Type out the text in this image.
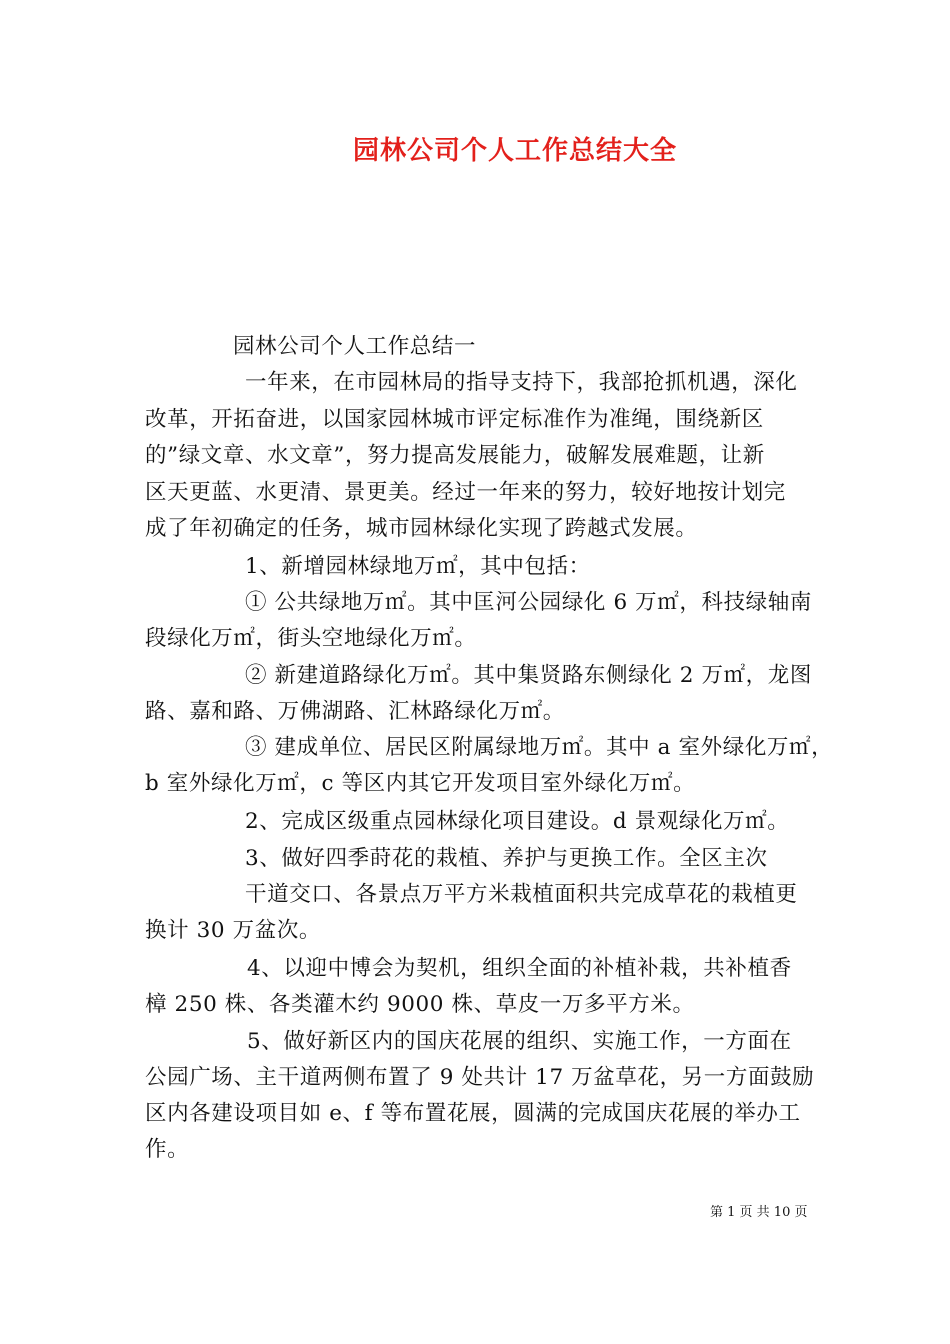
园林公司个人工作总结大全
园林公司个人工作总结一
一年来，在市园林局的指导支持下，我部抢抓机遇，深化
改革，开拓奋进，以国家园林城市评定标准作为准绳，围绕新区
的”绿文章、水文章”，努力提高发展能力，破解发展难题，让新
区天更蓝、水更清、景更美。经过一年来的努力，较好地按计划完
成了年初确定的任务，城市园林绿化实现了跨越式发展。
1、新增园林绿地万㎡，其中包括：
① 公共绿地万㎡。其中匡河公园绿化 6 万㎡，科技绿轴南
段绿化万㎡，街头空地绿化万㎡。
② 新建道路绿化万㎡。其中集贤路东侧绿化 2 万㎡，龙图
路、嘉和路、万佛湖路、汇林路绿化万㎡。
③ 建成单位、居民区附属绿地万㎡。其中 a 室外绿化万㎡，
b 室外绿化万㎡，c 等区内其它开发项目室外绿化万㎡。
2、完成区级重点园林绿化项目建设。d 景观绿化万㎡。
3、做好四季莳花的栽植、养护与更换工作。全区主次
干道交口、各景点万平方米栽植面积共完成草花的栽植更
换计 30 万盆次。
4、以迎中博会为契机，组织全面的补植补栽，共补植香
樟 250 株、各类灌木约 9000 株、草皮一万多平方米。
5、做好新区内的国庆花展的组织、实施工作，一方面在
公园广场、主干道两侧布置了 9 处共计 17 万盆草花，另一方面鼓励
区内各建设项目如 e、f 等布置花展，圆满的完成国庆花展的举办工
作。
第 1 页 共 10 页
